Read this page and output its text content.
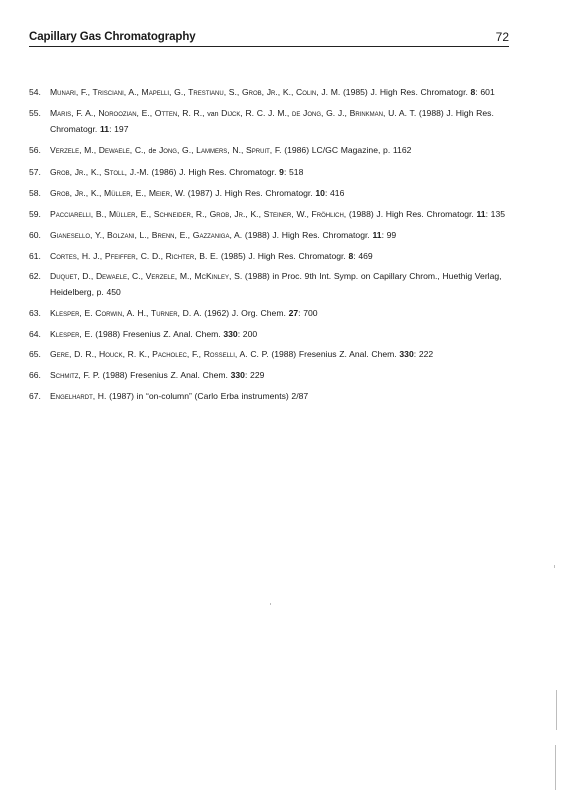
Capillary Gas Chromatography	72
54. Munari, F., Trisciani, A., Mapelli, G., Trestianu, S., Grob, Jr., K., Colin, J. M. (1985) J. High Res. Chromatogr. 8: 601
55. Maris, F. A., Noroozian, E., Otten, R. R., van Dijck, R. C. J. M., de Jong, G. J., Brinkman, U. A. T. (1988) J. High Res. Chromatogr. 11: 197
56. Verzele, M., Dewaele, C., de Jong, G., Lammers, N., Spruit, F. (1986) LC/GC Magazine, p. 1162
57. Grob, Jr., K., Stoll, J.-M. (1986) J. High Res. Chromatogr. 9: 518
58. Grob, Jr., K., Müller, E., Meier, W. (1987) J. High Res. Chromatogr. 10: 416
59. Pacciarelli, B., Müller, E., Schneider, R., Grob, Jr., K., Steiner, W., Fröhlich, (1988) J. High Res. Chromatogr. 11: 135
60. Gianesello, Y., Bolzani, L., Brenn, E., Gazzaniga, A. (1988) J. High Res. Chromatogr. 11: 99
61. Cortes, H. J., Pfeiffer, C. D., Richter, B. E. (1985) J. High Res. Chromatogr. 8: 469
62. Duquet, D., Dewaele, C., Verzele, M., McKinley, S. (1988) in Proc. 9th Int. Symp. on Capillary Chrom., Huethig Verlag, Heidelberg, p. 450
63. Klesper, E. Corwin, A. H., Turner, D. A. (1962) J. Org. Chem. 27: 700
64. Klesper, E. (1988) Fresenius Z. Anal. Chem. 330: 200
65. Gere, D. R., Houck, R. K., Pacholec, F., Rosselli, A. C. P. (1988) Fresenius Z. Anal. Chem. 330: 222
66. Schmitz, F. P. (1988) Fresenius Z. Anal. Chem. 330: 229
67. Engelhardt, H. (1987) in “on-column” (Carlo Erba instruments) 2/87
